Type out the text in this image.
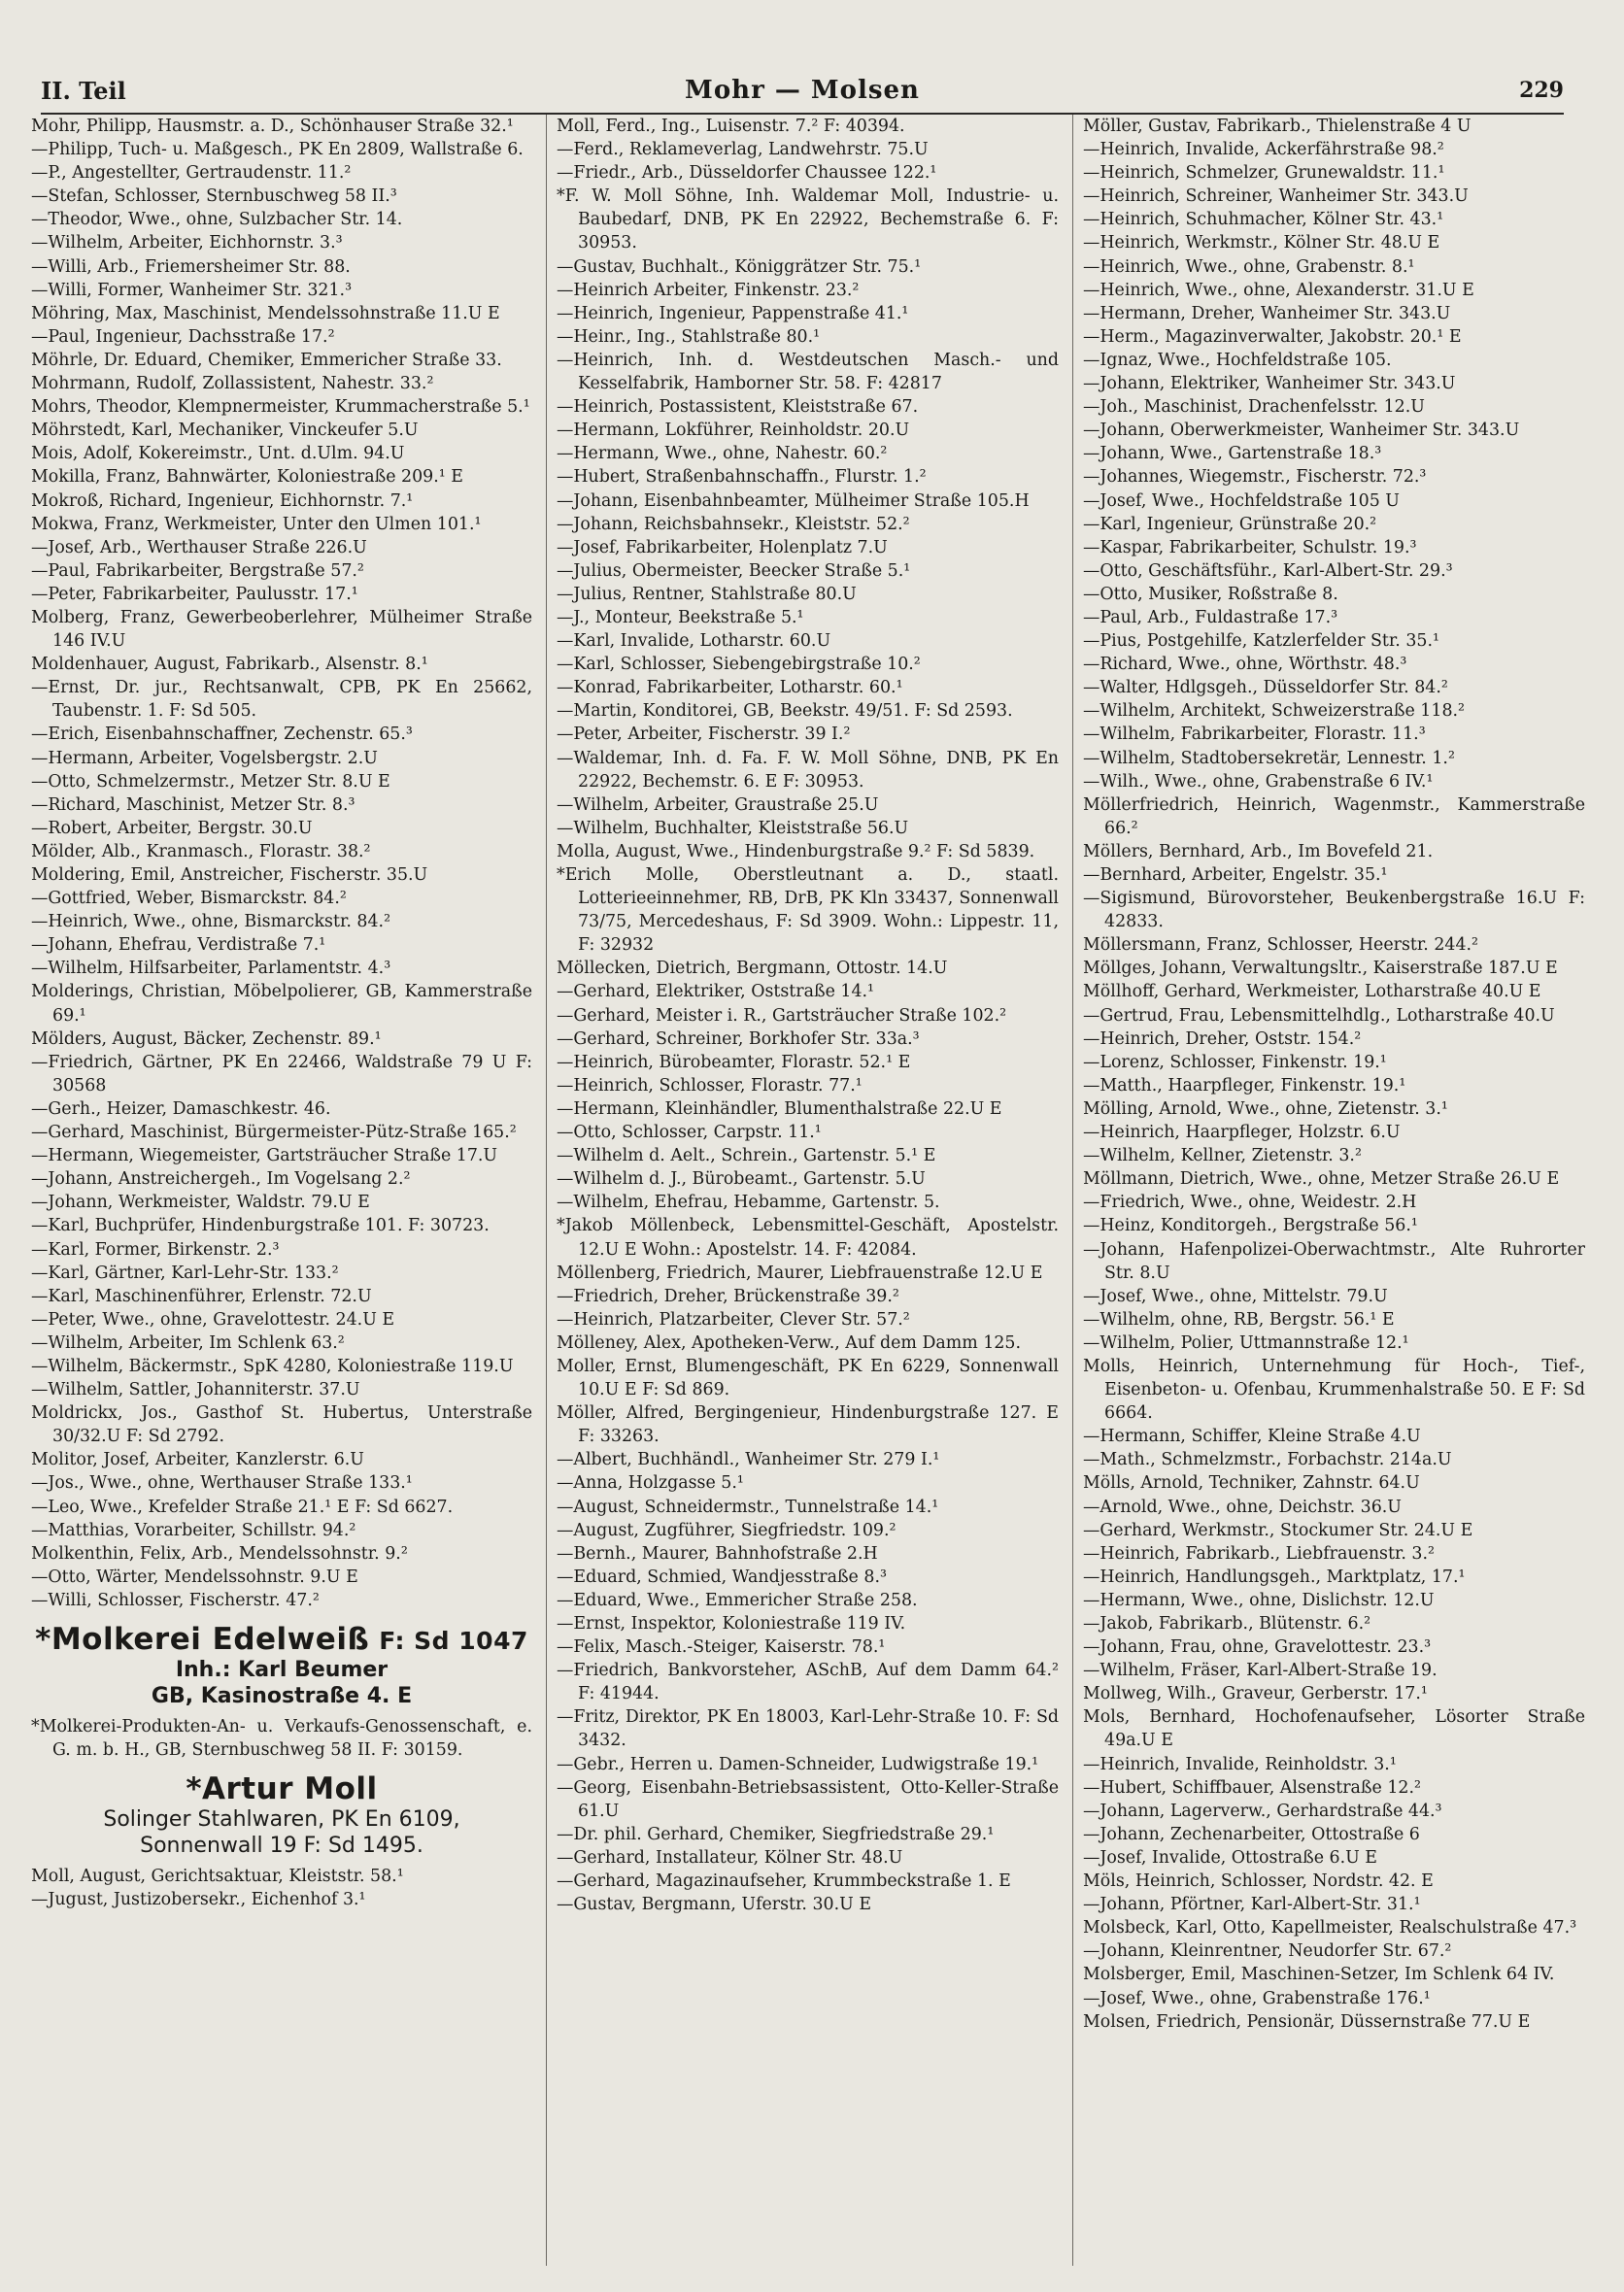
II. Teil	Mohr — Molsen	229

Mohr, Philipp, Hausmstr. a. D., Schönhauser Straße 32.¹

—Philipp, Tuch- u. Maßgesch., PK En 2809, Wallstraße 6.

—P., Angestellter, Gertraudenstr. 11.²

—Stefan, Schlosser, Sternbuschweg 58 II.³

—Theodor, Wwe., ohne, Sulzbacher Str. 14.

—Wilhelm, Arbeiter, Eichhornstr. 3.³

—Willi, Arb., Friemersheimer Str. 88.

—Willi, Former, Wanheimer Str. 321.³

Möhring, Max, Maschinist, Mendelssohnstraße 11.U E

—Paul, Ingenieur, Dachsstraße 17.²

Möhrle, Dr. Eduard, Chemiker, Emmericher Straße 33.

Mohrmann, Rudolf, Zollassistent, Nahestr. 33.²

Mohrs, Theodor, Klempnermeister, Krummacherstraße 5.¹

Möhrstedt, Karl, Mechaniker, Vinckeufer 5.U

Mois, Adolf, Kokereimstr., Unt. d.Ulm. 94.U

Mokilla, Franz, Bahnwärter, Koloniestraße 209.¹ E

Mokroß, Richard, Ingenieur, Eichhornstr. 7.¹

Mokwa, Franz, Werkmeister, Unter den Ulmen 101.¹

—Josef, Arb., Werthauser Straße 226.U

—Paul, Fabrikarbeiter, Bergstraße 57.²

—Peter, Fabrikarbeiter, Paulusstr. 17.¹

Molberg, Franz, Gewerbeoberlehrer, Mülheimer Straße 146 IV.U

Moldenhauer, August, Fabrikarb., Alsenstr. 8.¹

—Ernst, Dr. jur., Rechtsanwalt, CPB, PK En 25662, Taubenstr. 1. F: Sd 505.

—Erich, Eisenbahnschaffner, Zechenstr. 65.³

—Hermann, Arbeiter, Vogelsbergstr. 2.U

—Otto, Schmelzermstr., Metzer Str. 8.U E

—Richard, Maschinist, Metzer Str. 8.³

—Robert, Arbeiter, Bergstr. 30.U

Mölder, Alb., Kranmasch., Florastr. 38.²

Moldering, Emil, Anstreicher, Fischerstr. 35.U

—Gottfried, Weber, Bismarckstr. 84.²

—Heinrich, Wwe., ohne, Bismarckstr. 84.²

—Johann, Ehefrau, Verdistraße 7.¹

—Wilhelm, Hilfsarbeiter, Parlamentstr. 4.³

Molderings, Christian, Möbelpolierer, GB, Kammerstraße 69.¹

Mölders, August, Bäcker, Zechenstr. 89.¹

—Friedrich, Gärtner, PK En 22466, Waldstraße 79 U F: 30568

—Gerh., Heizer, Damaschkestr. 46.

—Gerhard, Maschinist, Bürgermeister-Pütz-Straße 165.²

—Hermann, Wiegemeister, Gartsträucher Straße 17.U

—Johann, Anstreichergeh., Im Vogelsang 2.²

—Johann, Werkmeister, Waldstr. 79.U E

—Karl, Buchprüfer, Hindenburgstraße 101. F: 30723.

—Karl, Former, Birkenstr. 2.³

—Karl, Gärtner, Karl-Lehr-Str. 133.²

—Karl, Maschinenführer, Erlenstr. 72.U

—Peter, Wwe., ohne, Gravelottestr. 24.U E

—Wilhelm, Arbeiter, Im Schlenk 63.²

—Wilhelm, Bäckermstr., SpK 4280, Koloniestraße 119.U

—Wilhelm, Sattler, Johanniterstr. 37.U

Moldrickx, Jos., Gasthof St. Hubertus, Unterstraße 30/32.U F: Sd 2792.

Molitor, Josef, Arbeiter, Kanzlerstr. 6.U

—Jos., Wwe., ohne, Werthauser Straße 133.¹

—Leo, Wwe., Krefelder Straße 21.¹ E F: Sd 6627.

—Matthias, Vorarbeiter, Schillstr. 94.²

Molkenthin, Felix, Arb., Mendelssohnstr. 9.²

—Otto, Wärter, Mendelssohnstr. 9.U E

—Willi, Schlosser, Fischerstr. 47.²

*Molkerei Edelweiß F: Sd 1047
Inh.: Karl Beumer
GB, Kasinostraße 4. E

*Molkerei-Produkten-An- u. Verkaufs-Genossenschaft, e. G. m. b. H., GB, Sternbuschweg 58 II. F: 30159.

*Artur Moll
Solinger Stahlwaren, PK En 6109,
Sonnenwall 19 F: Sd 1495.

Moll, August, Gerichtsaktuar, Kleiststr. 58.¹

—Jugust, Justizobersekr., Eichenhof 3.¹

Moll, Ferd., Ing., Luisenstr. 7.² F: 40394.

—Ferd., Reklameverlag, Landwehrstr. 75.U

—Friedr., Arb., Düsseldorfer Chaussee 122.¹

*F. W. Moll Söhne, Inh. Waldemar Moll, Industrie- u. Baubedarf, DNB, PK En 22922, Bechemstraße 6. F: 30953.

—Gustav, Buchhalt., Königgrätzer Str. 75.¹

—Heinrich Arbeiter, Finkenstr. 23.²

—Heinrich, Ingenieur, Pappenstraße 41.¹

—Heinr., Ing., Stahlstraße 80.¹

—Heinrich, Inh. d. Westdeutschen Masch.- und Kesselfabrik, Hamborner Str. 58. F: 42817

—Heinrich, Postassistent, Kleiststraße 67.

—Hermann, Lokführer, Reinholdstr. 20.U

—Hermann, Wwe., ohne, Nahestr. 60.²

—Hubert, Straßenbahnschaffn., Flurstr. 1.²

—Johann, Eisenbahnbeamter, Mülheimer Straße 105.H

—Johann, Reichsbahnsekr., Kleiststr. 52.²

—Josef, Fabrikarbeiter, Holenplatz 7.U

—Julius, Obermeister, Beecker Straße 5.¹

—Julius, Rentner, Stahlstraße 80.U

—J., Monteur, Beekstraße 5.¹

—Karl, Invalide, Lotharstr. 60.U

—Karl, Schlosser, Siebengebirgstraße 10.²

—Konrad, Fabrikarbeiter, Lotharstr. 60.¹

—Martin, Konditorei, GB, Beekstr. 49/51. F: Sd 2593.

—Peter, Arbeiter, Fischerstr. 39 I.²

—Waldemar, Inh. d. Fa. F. W. Moll Söhne, DNB, PK En 22922, Bechemstr. 6. E F: 30953.

—Wilhelm, Arbeiter, Graustraße 25.U

—Wilhelm, Buchhalter, Kleiststraße 56.U

Molla, August, Wwe., Hindenburgstraße 9.² F: Sd 5839.

*Erich Molle, Oberstleutnant a. D., staatl. Lotterieeinnehmer, RB, DrB, PK Kln 33437, Sonnenwall 73/75, Mercedeshaus, F: Sd 3909. Wohn.: Lippestr. 11, F: 32932

Möllecken, Dietrich, Bergmann, Ottostr. 14.U

—Gerhard, Elektriker, Oststraße 14.¹

—Gerhard, Meister i. R., Gartsträucher Straße 102.²

—Gerhard, Schreiner, Borkhofer Str. 33a.³

—Heinrich, Bürobeamter, Florastr. 52.¹ E

—Heinrich, Schlosser, Florastr. 77.¹

—Hermann, Kleinhändler, Blumenthalstraße 22.U E

—Otto, Schlosser, Carpstr. 11.¹

—Wilhelm d. Aelt., Schrein., Gartenstr. 5.¹ E

—Wilhelm d. J., Bürobeamt., Gartenstr. 5.U

—Wilhelm, Ehefrau, Hebamme, Gartenstr. 5.

*Jakob Möllenbeck, Lebensmittel-Geschäft, Apostelstr. 12.U E Wohn.: Apostelstr. 14. F: 42084.

Möllenberg, Friedrich, Maurer, Liebfrauenstraße 12.U E

—Friedrich, Dreher, Brückenstraße 39.²

—Heinrich, Platzarbeiter, Clever Str. 57.²

Mölleney, Alex, Apotheken-Verw., Auf dem Damm 125.

Moller, Ernst, Blumengeschäft, PK En 6229, Sonnenwall 10.U E F: Sd 869.

Möller, Alfred, Bergingenieur, Hindenburgstraße 127. E F: 33263.

—Albert, Buchhändl., Wanheimer Str. 279 I.¹

—Anna, Holzgasse 5.¹

—August, Schneidermstr., Tunnelstraße 14.¹

—August, Zugführer, Siegfriedstr. 109.²

—Bernh., Maurer, Bahnhofstraße 2.H

—Eduard, Schmied, Wandjesstraße 8.³

—Eduard, Wwe., Emmericher Straße 258.

—Ernst, Inspektor, Koloniestraße 119 IV.

—Felix, Masch.-Steiger, Kaiserstr. 78.¹

—Friedrich, Bankvorsteher, ASchB, Auf dem Damm 64.² F: 41944.

—Fritz, Direktor, PK En 18003, Karl-Lehr-Straße 10. F: Sd 3432.

—Gebr., Herren u. Damen-Schneider, Ludwigstraße 19.¹

—Georg, Eisenbahn-Betriebsassistent, Otto-Keller-Straße 61.U

—Dr. phil. Gerhard, Chemiker, Siegfriedstraße 29.¹

—Gerhard, Installateur, Kölner Str. 48.U

—Gerhard, Magazinaufseher, Krummbeckstraße 1. E

—Gustav, Bergmann, Uferstr. 30.U E

Möller, Gustav, Fabrikarb., Thielenstraße 4 U

—Heinrich, Invalide, Ackerfährstraße 98.²

—Heinrich, Schmelzer, Grunewaldstr. 11.¹

—Heinrich, Schreiner, Wanheimer Str. 343.U

—Heinrich, Schuhmacher, Kölner Str. 43.¹

—Heinrich, Werkmstr., Kölner Str. 48.U E

—Heinrich, Wwe., ohne, Grabenstr. 8.¹

—Heinrich, Wwe., ohne, Alexanderstr. 31.U E

—Hermann, Dreher, Wanheimer Str. 343.U

—Herm., Magazinverwalter, Jakobstr. 20.¹ E

—Ignaz, Wwe., Hochfeldstraße 105.

—Johann, Elektriker, Wanheimer Str. 343.U

—Joh., Maschinist, Drachenfelsstr. 12.U

—Johann, Oberwerkmeister, Wanheimer Str. 343.U

—Johann, Wwe., Gartenstraße 18.³

—Johannes, Wiegemstr., Fischerstr. 72.³

—Josef, Wwe., Hochfeldstraße 105 U

—Karl, Ingenieur, Grünstraße 20.²

—Kaspar, Fabrikarbeiter, Schulstr. 19.³

—Otto, Geschäftsführ., Karl-Albert-Str. 29.³

—Otto, Musiker, Roßstraße 8.

—Paul, Arb., Fuldastraße 17.³

—Pius, Postgehilfe, Katzlerfelder Str. 35.¹

—Richard, Wwe., ohne, Wörthstr. 48.³

—Walter, Hdlgsgeh., Düsseldorfer Str. 84.²

—Wilhelm, Architekt, Schweizerstraße 118.²

—Wilhelm, Fabrikarbeiter, Florastr. 11.³

—Wilhelm, Stadtobersekretär, Lennestr. 1.²

—Wilh., Wwe., ohne, Grabenstraße 6 IV.¹

Möllerfriedrich, Heinrich, Wagenmstr., Kammerstraße 66.²

Möllers, Bernhard, Arb., Im Bovefeld 21.

—Bernhard, Arbeiter, Engelstr. 35.¹

—Sigismund, Bürovorsteher, Beukenbergstraße 16.U F: 42833.

Möllersmann, Franz, Schlosser, Heerstr. 244.²

Möllges, Johann, Verwaltungsltr., Kaiserstraße 187.U E

Möllhoff, Gerhard, Werkmeister, Lotharstraße 40.U E

—Gertrud, Frau, Lebensmittelhdlg., Lotharstraße 40.U

—Heinrich, Dreher, Oststr. 154.²

—Lorenz, Schlosser, Finkenstr. 19.¹

—Matth., Haarpfleger, Finkenstr. 19.¹

Mölling, Arnold, Wwe., ohne, Zietenstr. 3.¹

—Heinrich, Haarpfleger, Holzstr. 6.U

—Wilhelm, Kellner, Zietenstr. 3.²

Möllmann, Dietrich, Wwe., ohne, Metzer Straße 26.U E

—Friedrich, Wwe., ohne, Weidestr. 2.H

—Heinz, Konditorgeh., Bergstraße 56.¹

—Johann, Hafenpolizei-Oberwachtmstr., Alte Ruhrorter Str. 8.U

—Josef, Wwe., ohne, Mittelstr. 79.U

—Wilhelm, ohne, RB, Bergstr. 56.¹ E

—Wilhelm, Polier, Uttmannstraße 12.¹

Molls, Heinrich, Unternehmung für Hoch-, Tief-, Eisenbeton- u. Ofenbau, Krummenhalstraße 50. E F: Sd 6664.

—Hermann, Schiffer, Kleine Straße 4.U

—Math., Schmelzmstr., Forbachstr. 214a.U

Mölls, Arnold, Techniker, Zahnstr. 64.U

—Arnold, Wwe., ohne, Deichstr. 36.U

—Gerhard, Werkmstr., Stockumer Str. 24.U E

—Heinrich, Fabrikarb., Liebfrauenstr. 3.²

—Heinrich, Handlungsgeh., Marktplatz, 17.¹

—Hermann, Wwe., ohne, Dislichstr. 12.U

—Jakob, Fabrikarb., Blütenstr. 6.²

—Johann, Frau, ohne, Gravelottestr. 23.³

—Wilhelm, Fräser, Karl-Albert-Straße 19.

Mollweg, Wilh., Graveur, Gerberstr. 17.¹

Mols, Bernhard, Hochofenaufseher, Lösorter Straße 49a.U E

—Heinrich, Invalide, Reinholdstr. 3.¹

—Hubert, Schiffbauer, Alsenstraße 12.²

—Johann, Lagerverw., Gerhardstraße 44.³

—Johann, Zechenarbeiter, Ottostraße 6

—Josef, Invalide, Ottostraße 6.U E

Möls, Heinrich, Schlosser, Nordstr. 42. E

—Johann, Pförtner, Karl-Albert-Str. 31.¹

Molsbeck, Karl, Otto, Kapellmeister, Realschulstraße 47.³

—Johann, Kleinrentner, Neudorfer Str. 67.²

Molsberger, Emil, Maschinen-Setzer, Im Schlenk 64 IV.

—Josef, Wwe., ohne, Grabenstraße 176.¹

Molsen, Friedrich, Pensionär, Düssernstraße 77.U E
